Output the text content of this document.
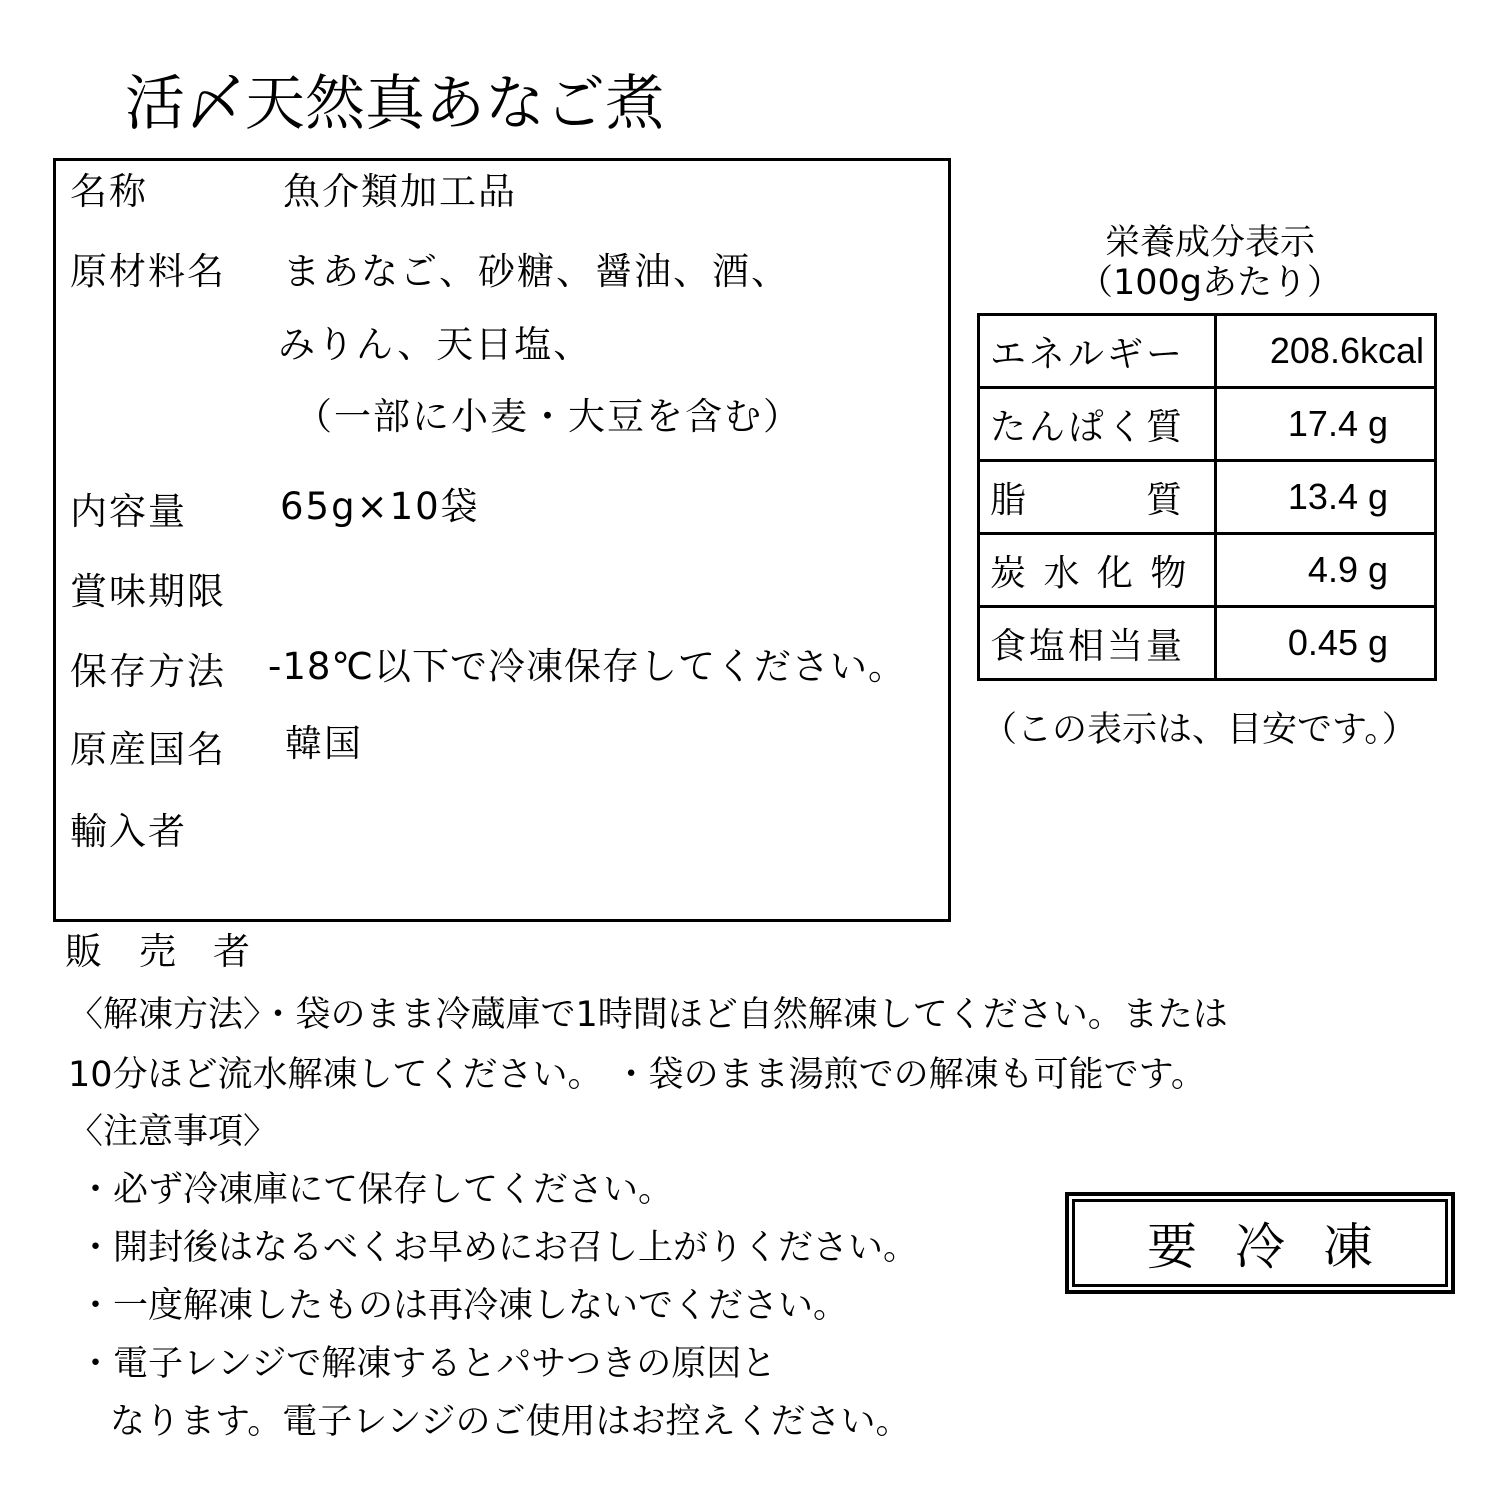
活〆天然真あなご煮
名称	魚介類加工品
原材料名 まあなご、砂糖、醤油、酒、
みりん、天日塩、
（一部に小麦・大豆を含む）
内容量	65g×10袋
賞味期限
保存方法 -18℃以下で冷凍保存してください。
原産国名 韓国
輸入者
栄養成分表示
（100gあたり）
エネルギー	208.6kcal
たんぱく質	17.4 g
脂　　　質	13.4 g
炭 水 化 物	4.9 g
食塩相当量	0.45 g
（この表示は、目安です。）
販　売　者
〈解凍方法〉・袋のまま冷蔵庫で1時間ほど自然解凍してください。または
10分ほど流水解凍してください。 ・袋のまま湯煎での解凍も可能です。
〈注意事項〉
・必ず冷凍庫にて保存してください。
・開封後はなるべくお早めにお召し上がりください。
・一度解凍したものは再冷凍しないでください。
・電子レンジで解凍するとパサつきの原因と
なります。電子レンジのご使用はお控えください。
要冷凍
